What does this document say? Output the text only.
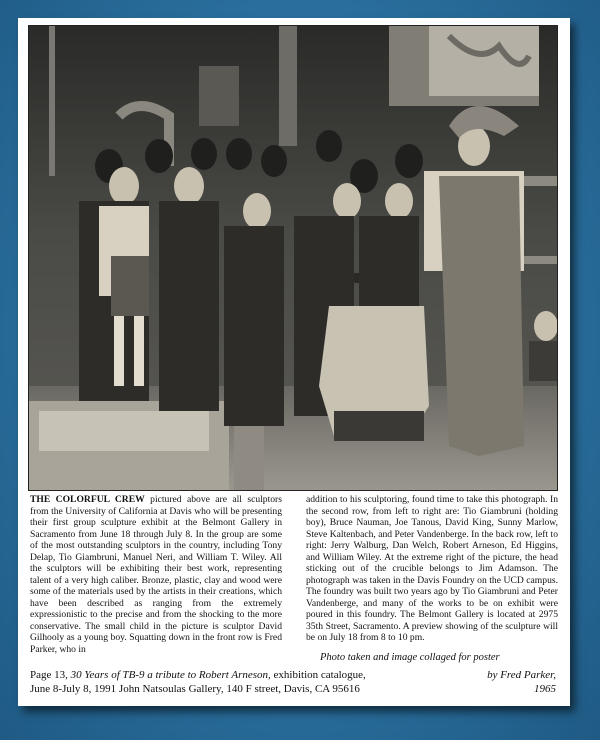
THE COLORFUL CREW pictured above are all sculptors from the University of California at Davis who will be presenting their first group sculpture exhibit at the Belmont Gallery in Sacramento from June 18 through July 8. In the group are some of the most outstanding sculptors in the country, including Tony Delap, Tio Giambruni, Manuel Neri, and William T. Wiley. All the sculptors will be exhibiting their best work, representing talent of a very high caliber. Bronze, plastic, clay and wood were some of the materials used by the artists in their creations, which have been described as ranging from the extremely expressionistic to the precise and from the shocking to the more conservative. The small child in the picture is sculptor David Gilhooly as a young boy. Squatting down in the front row is Fred Parker, who in
addition to his sculptoring, found time to take this photograph. In the second row, from left to right are: Tio Giambruni (holding boy), Bruce Nauman, Joe Tanous, David King, Sunny Marlow, Steve Kaltenbach, and Peter Vandenberge. In the back row, left to right: Jerry Walburg, Dan Welch, Robert Arneson, Ed Higgins, and William Wiley. At the extreme right of the picture, the head sticking out of the crucible belongs to Jim Adamson. The photograph was taken in the Davis Foundry on the UCD campus. The foundry was built two years ago by Tio Giambruni and Peter Vandenberge, and many of the works to be on exhibit were poured in this foundry. The Belmont Gallery is located at 2975 35th Street, Sacramento. A preview showing of the sculpture will be on July 18 from 8 to 10 pm.
Photo taken and image collaged for poster
Page 13, 30 Years of TB-9 a tribute to Robert Arneson, exhibition catalogue,
June 8-July 8, 1991 John Natsoulas Gallery, 140 F street, Davis, CA 95616
by Fred Parker,
1965
